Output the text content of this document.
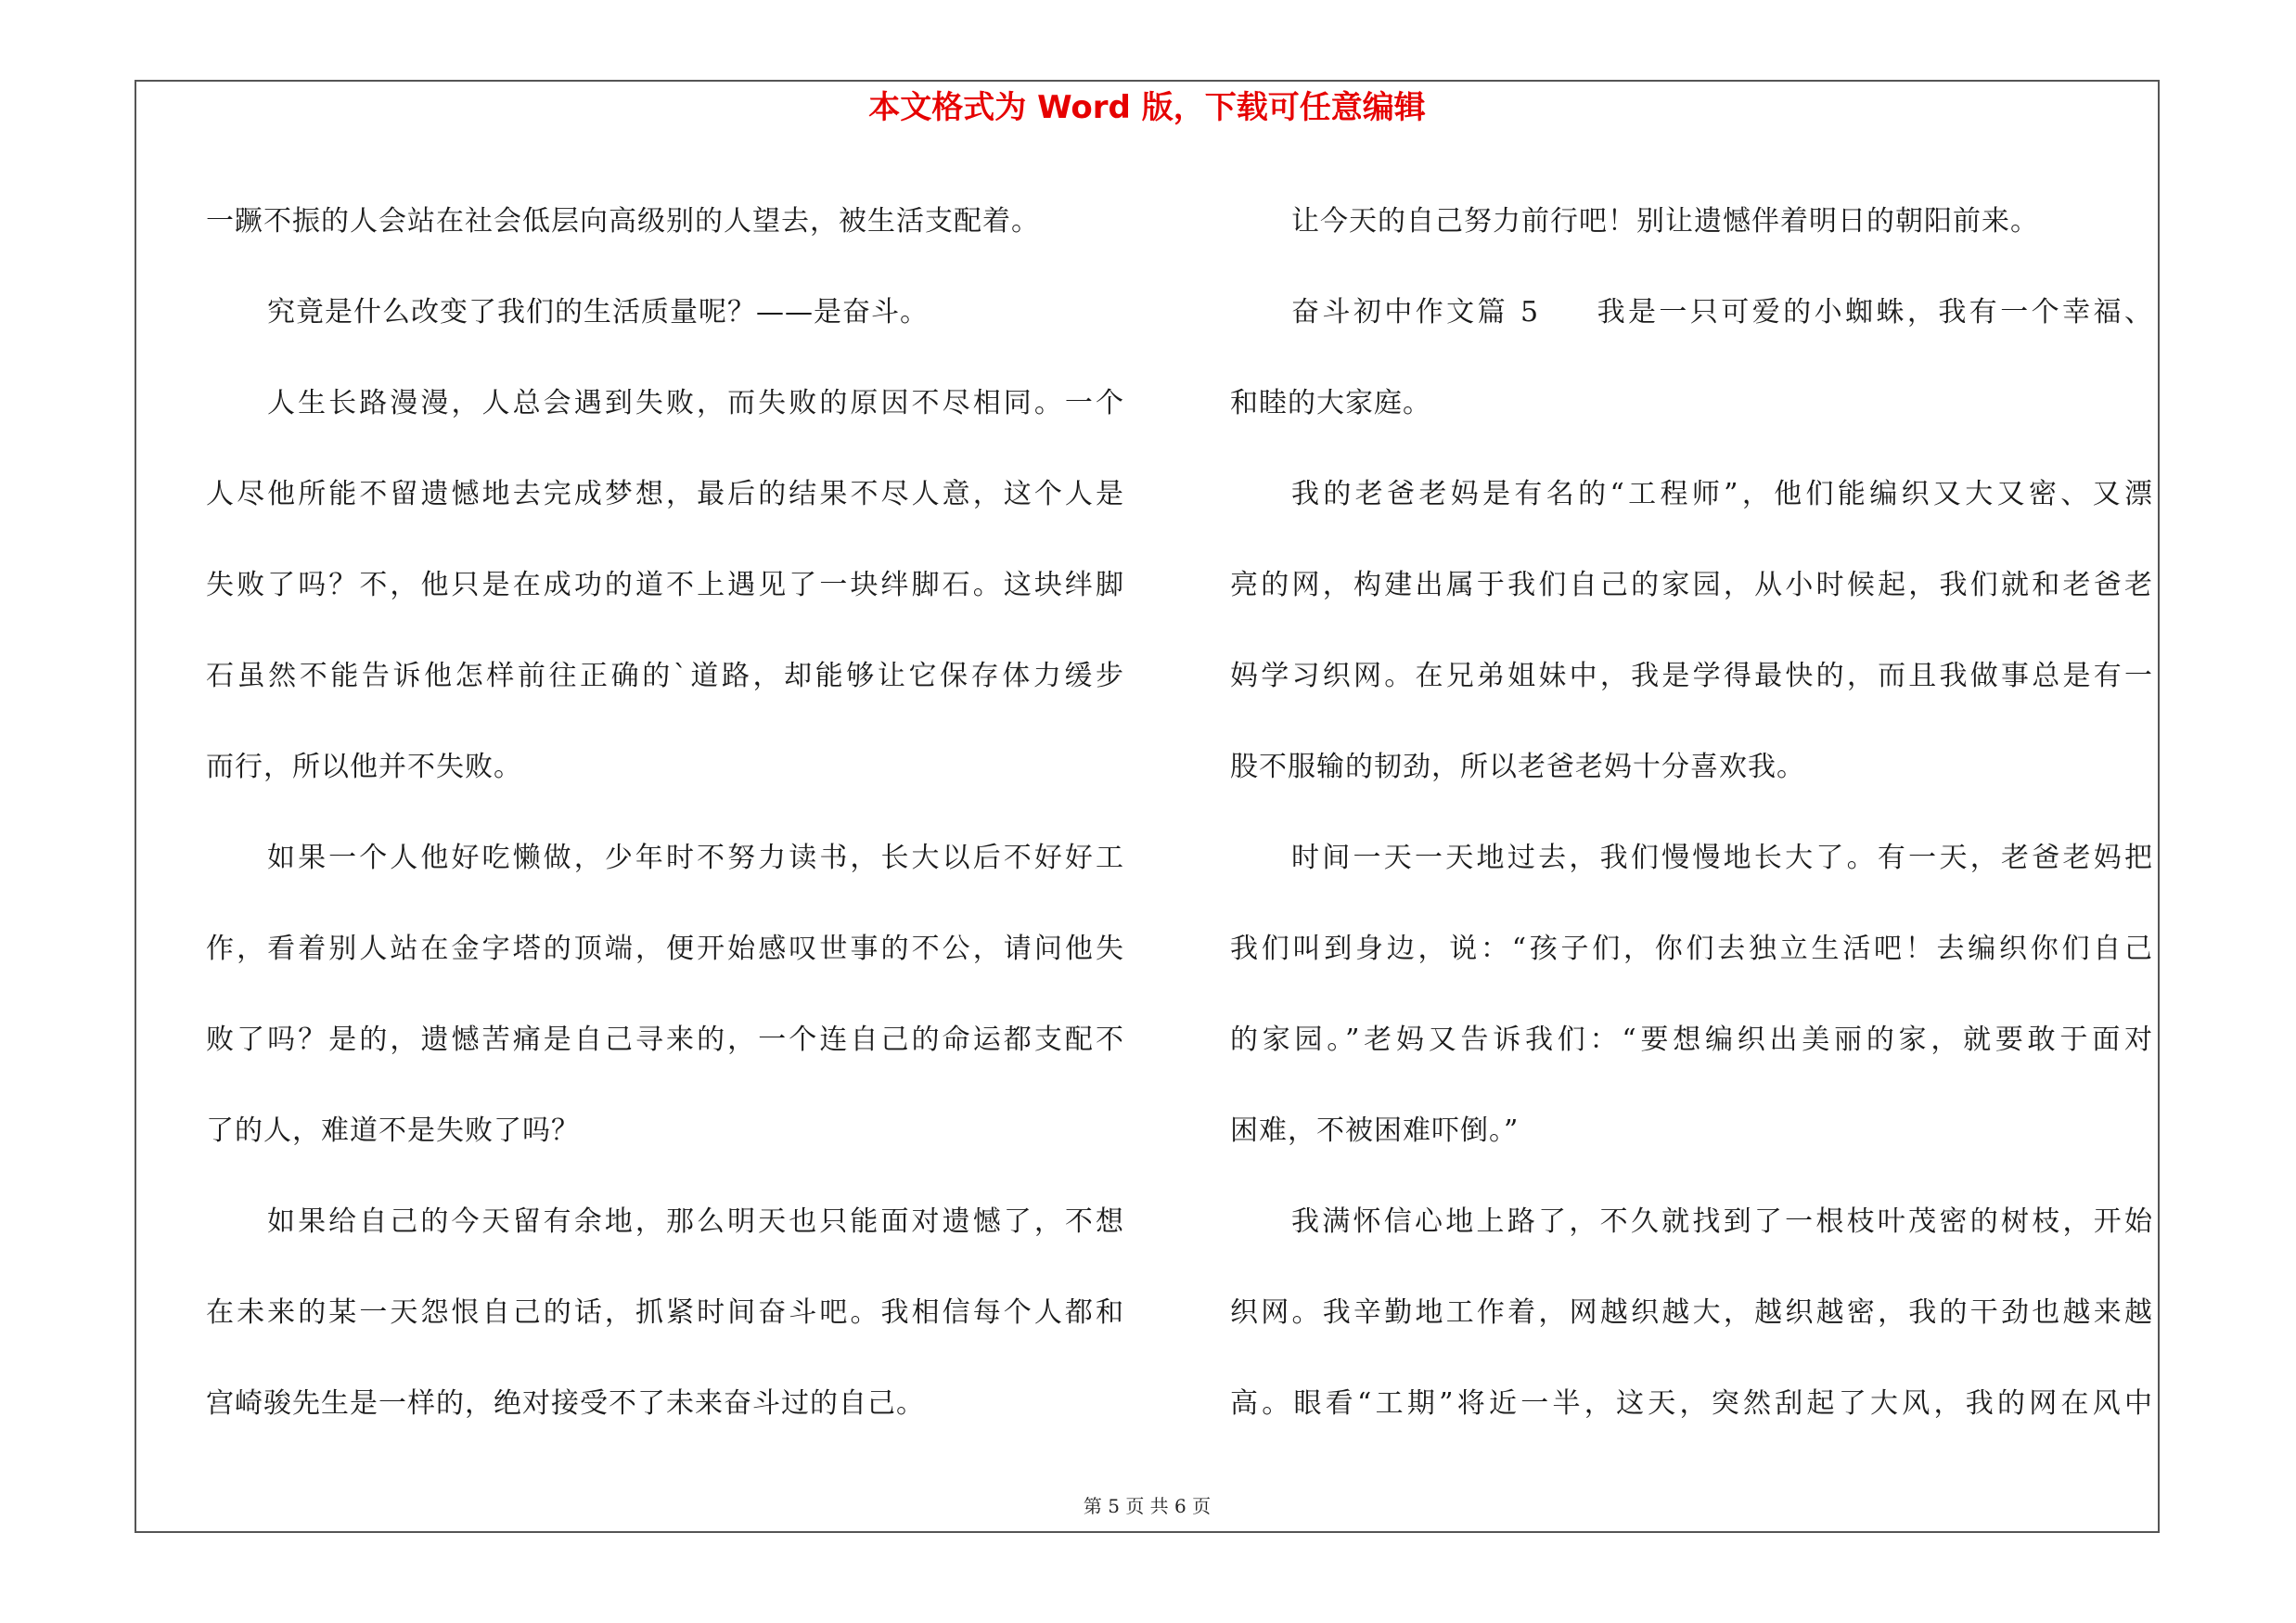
本文格式为 Word 版，下载可任意编辑
一蹶不振的人会站在社会低层向高级别的人望去，被生活支配着。
究竟是什么改变了我们的生活质量呢？——是奋斗。
人生长路漫漫，人总会遇到失败，而失败的原因不尽相同。一个
人尽他所能不留遗憾地去完成梦想，最后的结果不尽人意，这个人是
失败了吗？不，他只是在成功的道不上遇见了一块绊脚石。这块绊脚
石虽然不能告诉他怎样前往正确的`道路，却能够让它保存体力缓步
而行，所以他并不失败。
如果一个人他好吃懒做，少年时不努力读书，长大以后不好好工
作，看着别人站在金字塔的顶端，便开始感叹世事的不公，请问他失
败了吗？是的，遗憾苦痛是自己寻来的，一个连自己的命运都支配不
了的人，难道不是失败了吗？
如果给自己的今天留有余地，那么明天也只能面对遗憾了，不想
在未来的某一天怨恨自己的话，抓紧时间奋斗吧。我相信每个人都和
宫崎骏先生是一样的，绝对接受不了未来奋斗过的自己。
让今天的自己努力前行吧！别让遗憾伴着明日的朝阳前来。
奋斗初中作文篇 5 我是一只可爱的小蜘蛛，我有一个幸福、
和睦的大家庭。
我的老爸老妈是有名的“工程师”，他们能编织又大又密、又漂
亮的网，构建出属于我们自己的家园，从小时候起，我们就和老爸老
妈学习织网。在兄弟姐妹中，我是学得最快的，而且我做事总是有一
股不服输的韧劲，所以老爸老妈十分喜欢我。
时间一天一天地过去，我们慢慢地长大了。有一天，老爸老妈把
我们叫到身边，说：“孩子们，你们去独立生活吧！去编织你们自己
的家园。”老妈又告诉我们：“要想编织出美丽的家，就要敢于面对
困难，不被困难吓倒。”
我满怀信心地上路了，不久就找到了一根枝叶茂密的树枝，开始
织网。我辛勤地工作着，网越织越大，越织越密，我的干劲也越来越
高。眼看“工期”将近一半，这天，突然刮起了大风，我的网在风中
第 5 页 共 6 页
